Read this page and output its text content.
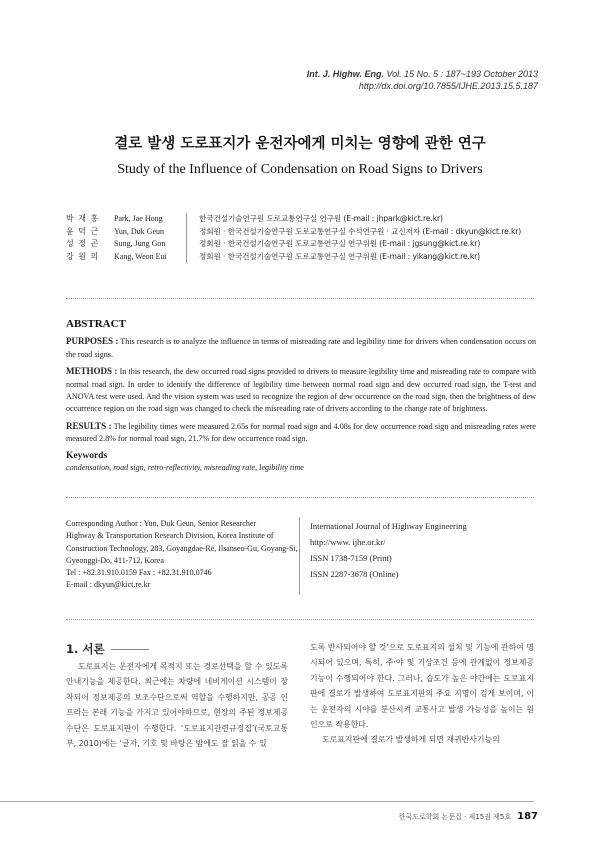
Int. J. Highw. Eng. Vol. 15 No. 5 : 187~193 October 2013
http://dx.doi.org/10.7855/IJHE.2013.15.5.187
결로 발생 도로표지가 운전자에게 미치는 영향에 관한 연구
Study of the Influence of Condensation on Road Signs to Drivers
박 재 홍	Park, Jae Hong	한국건설기술연구원 도로교통연구실 연구원 (E-mail : jhpark@kict.re.kr)
윤 덕 근	Yun, Duk Geun	정회원 · 한국건설기술연구원 도로교통연구실 수석연구원 · 교신저자 (E-mail : dkyun@kict.re.kr)
성 정 곤	Sung, Jung Gon	정회원 · 한국건설기술연구원 도로교통연구실 연구위원 (E-mail : jgsung@kict.re.kr)
강 원 의	Kang, Weon Eui	정회원 · 한국건설기술연구원 도로교통연구실 연구위원 (E-mail : yikang@kict.re.kr)
ABSTRACT

PURPOSES : This research is to analyze the influence in terms of misreading rate and legibility time for drivers when condensation occurs on the road signs.

METHODS : In this research, the dew occurred road signs provided to drivers to measure legibility time and misreading rate to compare with normal road sign. In order to identify the difference of legibility time between normal road sign and dew occurred road sign, the T-test and ANOVA test were used. And the vision system was used to recognize the region of dew occurrence on the road sign, then the brightness of dew occurrence region on the road sign was changed to check the misreading rate of drivers according to the change rate of brightness.

RESULTS : The legibility times were measured 2.65s for normal road sign and 4.08s for dew occurrence road sign and misreading rates were measured 2.8% for normal road sign, 21.7% for dew occurrence road sign.

Keywords
condensation, road sign, retro-reflectivity, misreading rate, legibility time
Corresponding Author : Yun, Duk Geun, Senior Researcher
Highway & Transportation Research Division, Korea Institute of
Construction Technology, 283, Goyangdae-Re, Ilsanseo-Gu, Goyang-Si,
Gyeonggi-Do, 411-712, Korea
Tel : +82.31.910.0159 Fax : +82.31.910.0746
E-mail : dkyun@kict.re.kr
International Journal of Highway Engineering
http://www. ijhe.or.kr/
ISSN 1738-7159 (Print)
ISSN 2287-3678 (Online)
1. 서론

도로표지는 운전자에게 목적지 또는 경로선택을 할 수 있도록 안내기능을 제공한다. 최근에는 차량에 네비게이션 시스템이 장착되어 정보제공의 보조수단으로써 역할을 수행하지만, 공공 인프라는 본래 기능을 가지고 있어야하므로, 현장의 주된 정보제공 수단은 도로표지판이 수행한다. ‘도로표지관련규정집’(국토교통부, 2010)에는 ‘글자, 기호 및 바탕은 밤에도 잘 읽을 수 있

도록 반사되어야 할 것’으로 도로표지의 설치 및 기능에 관하여 명시되어 있으며, 특히, 주·야 및 기상조건 등에 관계없이 정보제공 기능이 수행되어야 한다. 그러나, 습도가 높은 야간에는 도로표지판에 결로가 발생하여 도로표지판의 주요 지명이 검게 보이며, 이는 운전자의 시야를 분산시켜 교통사고 발생 가능성을 높이는 원인으로 작용한다.

도로표지판에 결로가 발생하게 되면 재귀반사기능의

한국도로학회 논문집 · 제15권 제5호 187
